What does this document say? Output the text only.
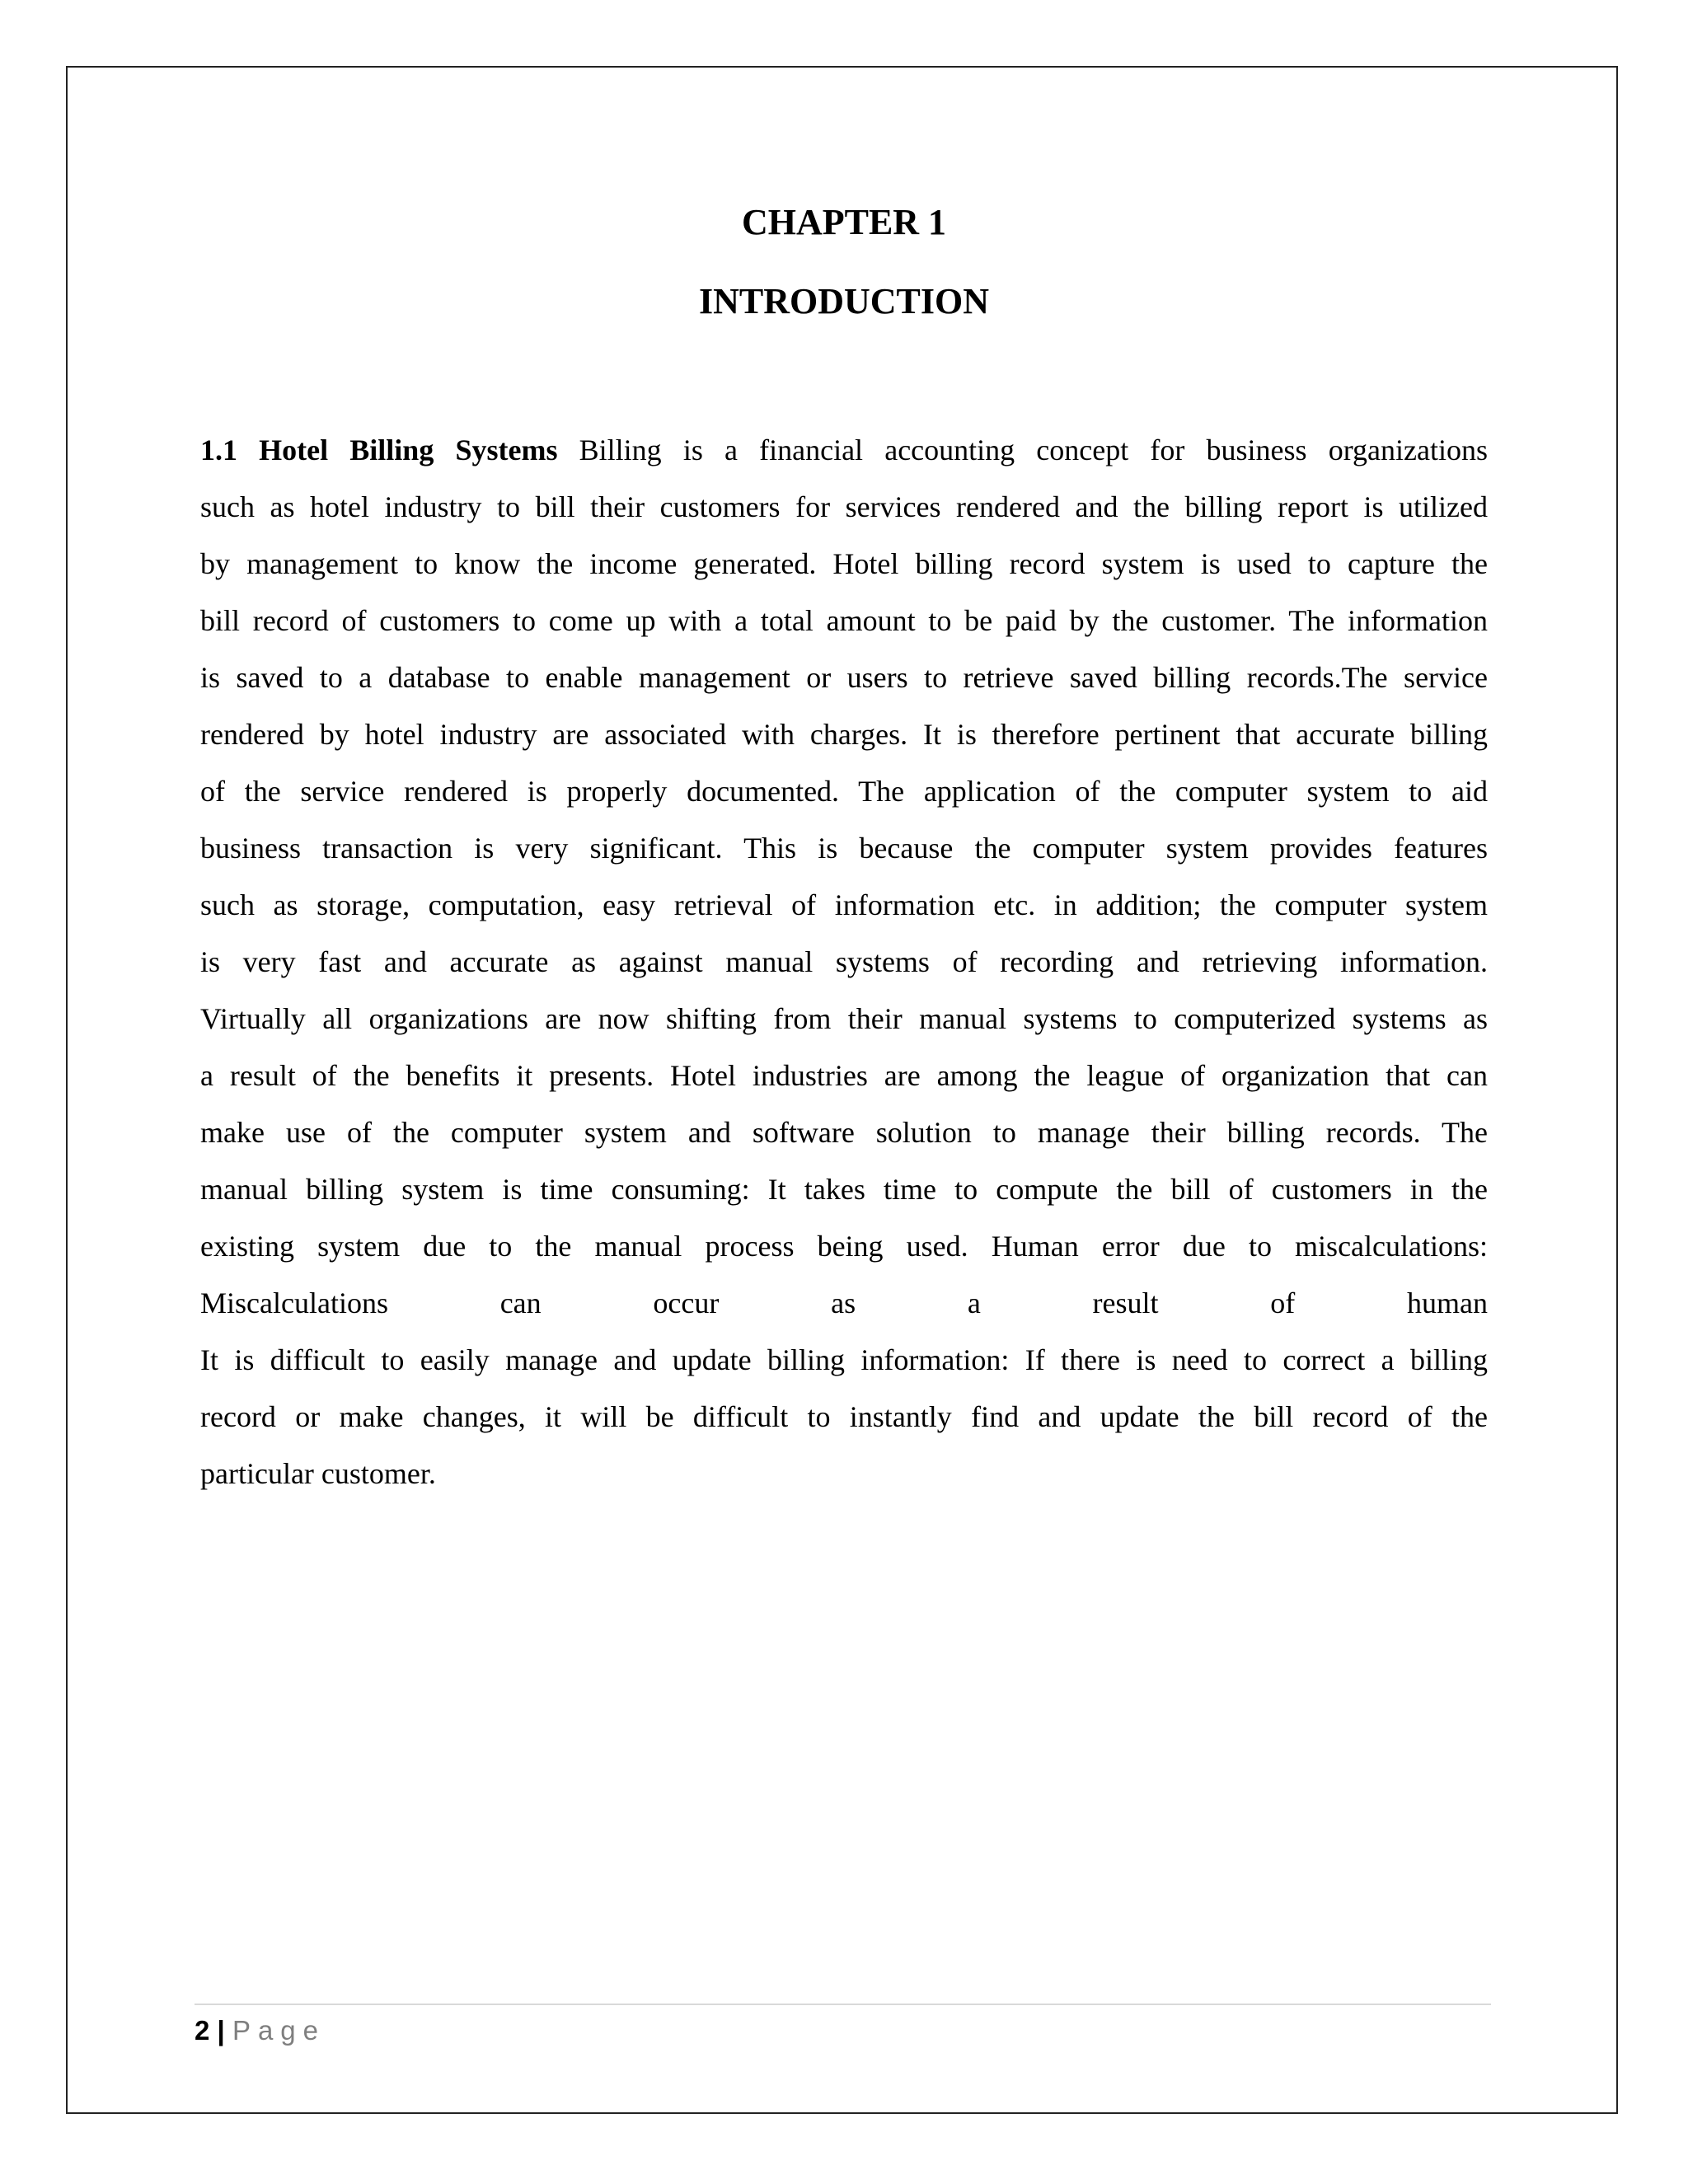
CHAPTER 1
INTRODUCTION
1.1 Hotel Billing Systems Billing is a financial accounting concept for business organizations
such as hotel industry to bill their customers for services rendered and the billing report is utilized
by management to know the income generated. Hotel billing record system is used to capture the
bill record of customers to come up with a total amount to be paid by the customer. The information
is saved to a database to enable management or users to retrieve saved billing records.The service
rendered by hotel industry are associated with charges. It is therefore pertinent that accurate billing
of the service rendered is properly documented. The application of the computer system to aid
business transaction is very significant. This is because the computer system provides features
such as storage, computation, easy retrieval of information etc. in addition; the computer system
is very fast and accurate as against manual systems of recording and retrieving information.
Virtually all organizations are now shifting from their manual systems to computerized systems as
a result of the benefits it presents. Hotel industries are among the league of organization that can
make use of the computer system and software solution to manage their billing records. The
manual billing system is time consuming: It takes time to compute the bill of customers in the
existing system due to the manual process being used. Human error due to miscalculations:
Miscalculations can occur as a result of human
It is difficult to easily manage and update billing information: If there is need to correct a billing
record or make changes, it will be difficult to instantly find and update the bill record of the
particular customer.
2 | Page
